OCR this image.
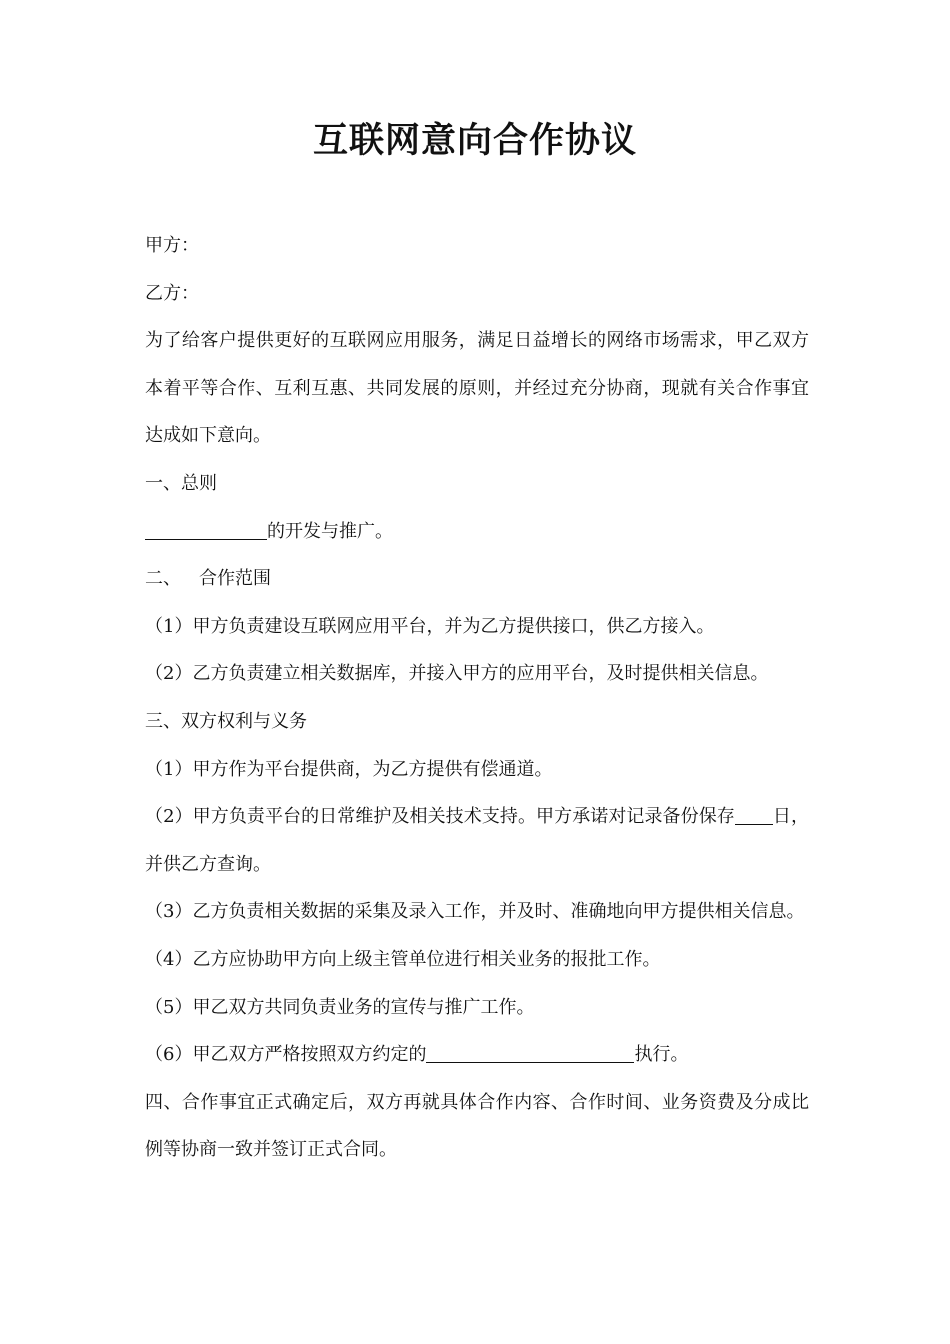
互联网意向合作协议

甲方：

乙方：

为了给客户提供更好的互联网应用服务，满足日益增长的网络市场需求，甲乙双方本着平等合作、互利互惠、共同发展的原则，并经过充分协商，现就有关合作事宜达成如下意向。

一、总则

的开发与推广。

二、 合作范围

（1）甲方负责建设互联网应用平台，并为乙方提供接口，供乙方接入。

（2）乙方负责建立相关数据库，并接入甲方的应用平台，及时提供相关信息。

三、双方权利与义务

（1）甲方作为平台提供商，为乙方提供有偿通道。

（2）甲方负责平台的日常维护及相关技术支持。甲方承诺对记录备份保存 日，并供乙方查询。

（3）乙方负责相关数据的采集及录入工作，并及时、准确地向甲方提供相关信息。

（4）乙方应协助甲方向上级主管单位进行相关业务的报批工作。

（5）甲乙双方共同负责业务的宣传与推广工作。

（6）甲乙双方严格按照双方约定的	执行。

四、合作事宜正式确定后，双方再就具体合作内容、合作时间、业务资费及分成比例等协商一致并签订正式合同。
